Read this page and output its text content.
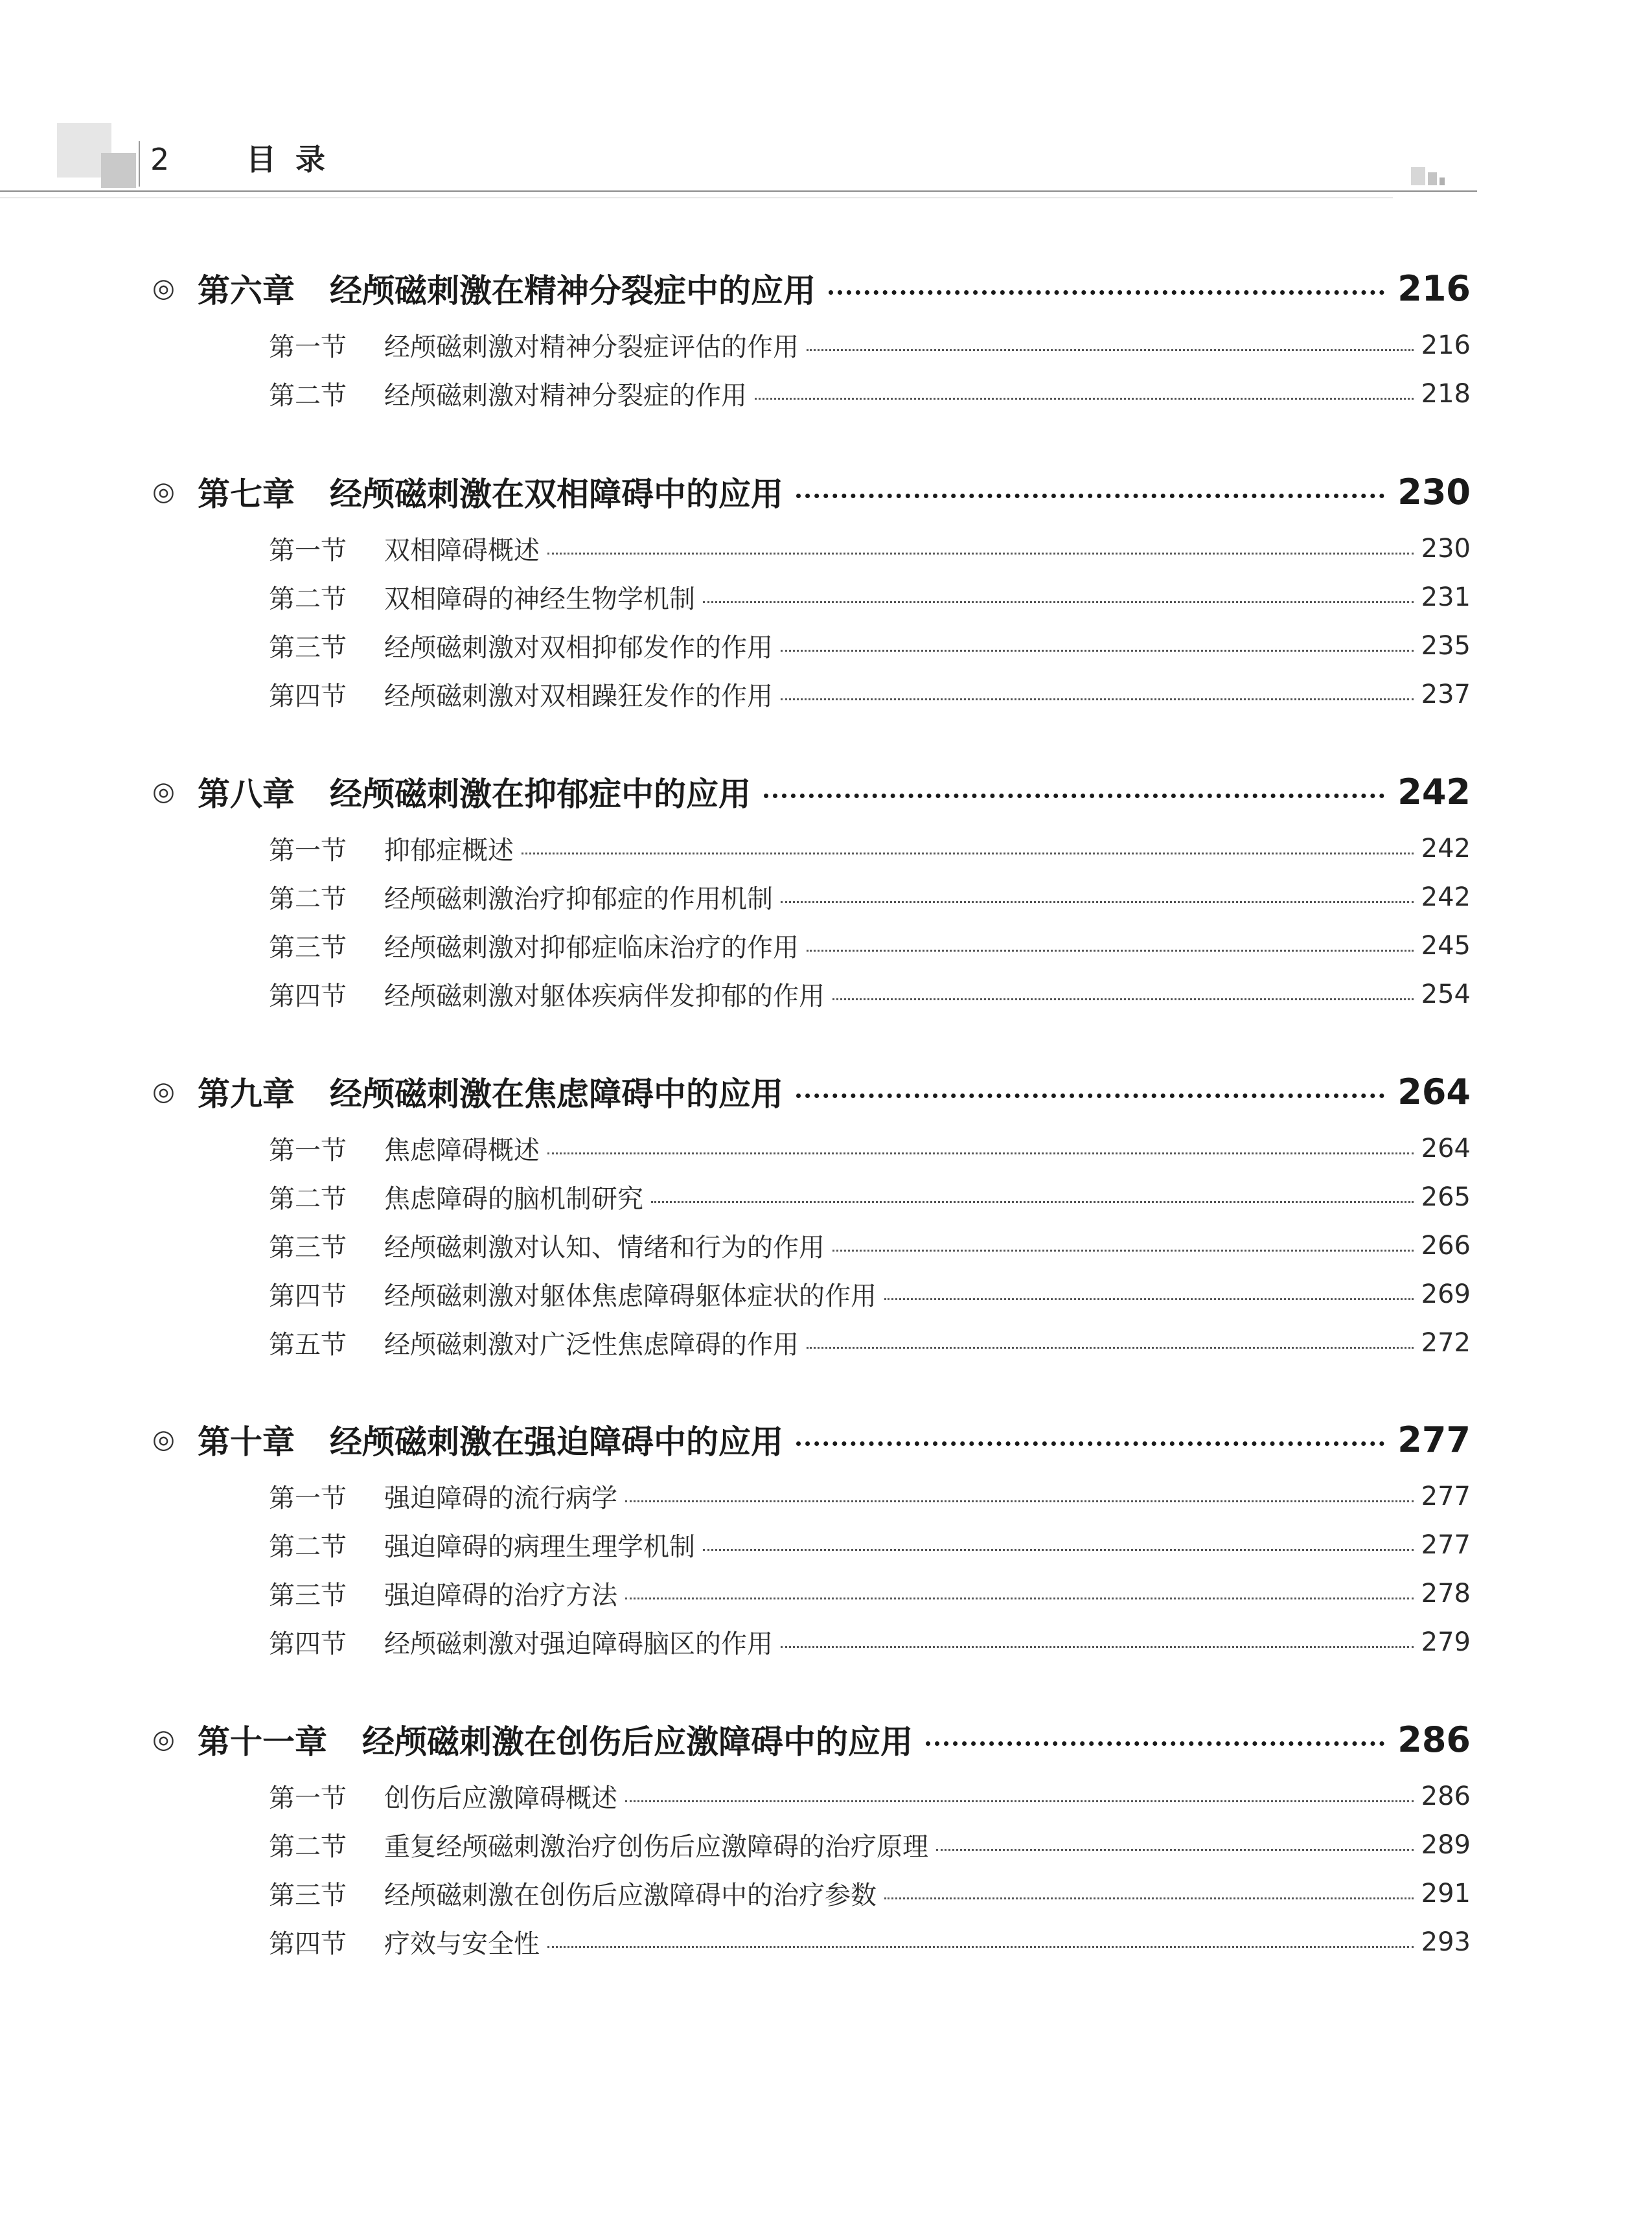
2	目录
◎ 第六章 经颅磁刺激在精神分裂症中的应用	216
第一节	经颅磁刺激对精神分裂症评估的作用	216
第二节	经颅磁刺激对精神分裂症的作用	218
◎ 第七章 经颅磁刺激在双相障碍中的应用	230
第一节	双相障碍概述	230
第二节	双相障碍的神经生物学机制	231
第三节	经颅磁刺激对双相抑郁发作的作用	235
第四节	经颅磁刺激对双相躁狂发作的作用	237
◎ 第八章 经颅磁刺激在抑郁症中的应用	242
第一节	抑郁症概述	242
第二节	经颅磁刺激治疗抑郁症的作用机制	242
第三节	经颅磁刺激对抑郁症临床治疗的作用	245
第四节	经颅磁刺激对躯体疾病伴发抑郁的作用	254
◎ 第九章 经颅磁刺激在焦虑障碍中的应用	264
第一节	焦虑障碍概述	264
第二节	焦虑障碍的脑机制研究	265
第三节	经颅磁刺激对认知、情绪和行为的作用	266
第四节	经颅磁刺激对躯体焦虑障碍躯体症状的作用	269
第五节	经颅磁刺激对广泛性焦虑障碍的作用	272
◎ 第十章 经颅磁刺激在强迫障碍中的应用	277
第一节	强迫障碍的流行病学	277
第二节	强迫障碍的病理生理学机制	277
第三节	强迫障碍的治疗方法	278
第四节	经颅磁刺激对强迫障碍脑区的作用	279
◎ 第十一章 经颅磁刺激在创伤后应激障碍中的应用	286
第一节	创伤后应激障碍概述	286
第二节	重复经颅磁刺激治疗创伤后应激障碍的治疗原理	289
第三节	经颅磁刺激在创伤后应激障碍中的治疗参数	291
第四节	疗效与安全性	293
